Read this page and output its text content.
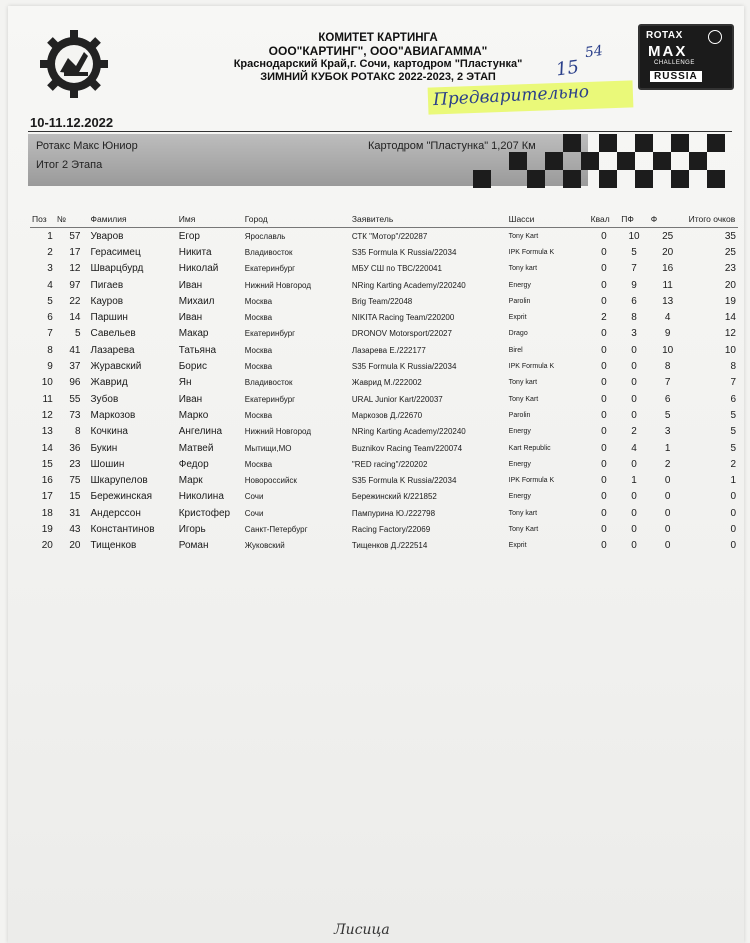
КОМИТЕТ КАРТИНГА
ООО"КАРТИНГ", ООО"АВИАГАММА"
Краснодарский Край,г. Сочи, картодром "Пластунка"
ЗИМНИЙ КУБОК РОТАКС 2022-2023, 2 ЭТАП
ROTAX
MAX
CHALLENGE
RUSSIA
15
54
Предварительно
10-11.12.2022
Ротакс Макс Юниор
Итог 2 Этапа
Картодром "Пластунка" 1,207 Км
Поз	№	Фамилия	Имя	Город	Заявитель	Шасси	Квал	ПФ	Ф	Итого очков
1	57	Уваров	Егор	Ярославль	СТК "Мотор"/220287	Tony Kart	0	10	25	35
2	17	Герасимец	Никита	Владивосток	S35 Formula K Russia/22034	IPK Formula K	0	5	20	25
3	12	Шварцбурд	Николай	Екатеринбург	МБУ СШ по ТВС/220041	Tony kart	0	7	16	23
4	97	Пигаев	Иван	Нижний Новгород	NRing Karting Academy/220240	Energy	0	9	11	20
5	22	Кауров	Михаил	Москва	Brig Team/22048	Parolin	0	6	13	19
6	14	Паршин	Иван	Москва	NIKITA Racing Team/220200	Exprit	2	8	4	14
7	5	Савельев	Макар	Екатеринбург	DRONOV Motorsport/22027	Drago	0	3	9	12
8	41	Лазарева	Татьяна	Москва	Лазарева Е./222177	Birel	0	0	10	10
9	37	Журавский	Борис	Москва	S35 Formula K Russia/22034	IPK Formula K	0	0	8	8
10	96	Жаврид	Ян	Владивосток	Жаврид М./222002	Tony kart	0	0	7	7
11	55	Зубов	Иван	Екатеринбург	URAL Junior Kart/220037	Tony Kart	0	0	6	6
12	73	Маркозов	Марко	Москва	Маркозов Д./22670	Parolin	0	0	5	5
13	8	Кочкина	Ангелина	Нижний Новгород	NRing Karting Academy/220240	Energy	0	2	3	5
14	36	Букин	Матвей	Мытищи,МО	Buznikov Racing Team/220074	Kart Republic	0	4	1	5
15	23	Шошин	Федор	Москва	"RED racing"/220202	Energy	0	0	2	2
16	75	Шкарупелов	Марк	Новороссийск	S35 Formula K Russia/22034	IPK Formula K	0	1	0	1
17	15	Бережинская	Николина	Сочи	Бережинский К/221852	Energy	0	0	0	0
18	31	Андерссон	Кристофер	Сочи	Пампурина Ю./222798	Tony kart	0	0	0	0
19	43	Константинов	Игорь	Санкт-Петербург	Racing Factory/22069	Tony Kart	0	0	0	0
20	20	Тищенков	Роман	Жуковский	Тищенков Д./222514	Exprit	0	0	0	0
Лисица
